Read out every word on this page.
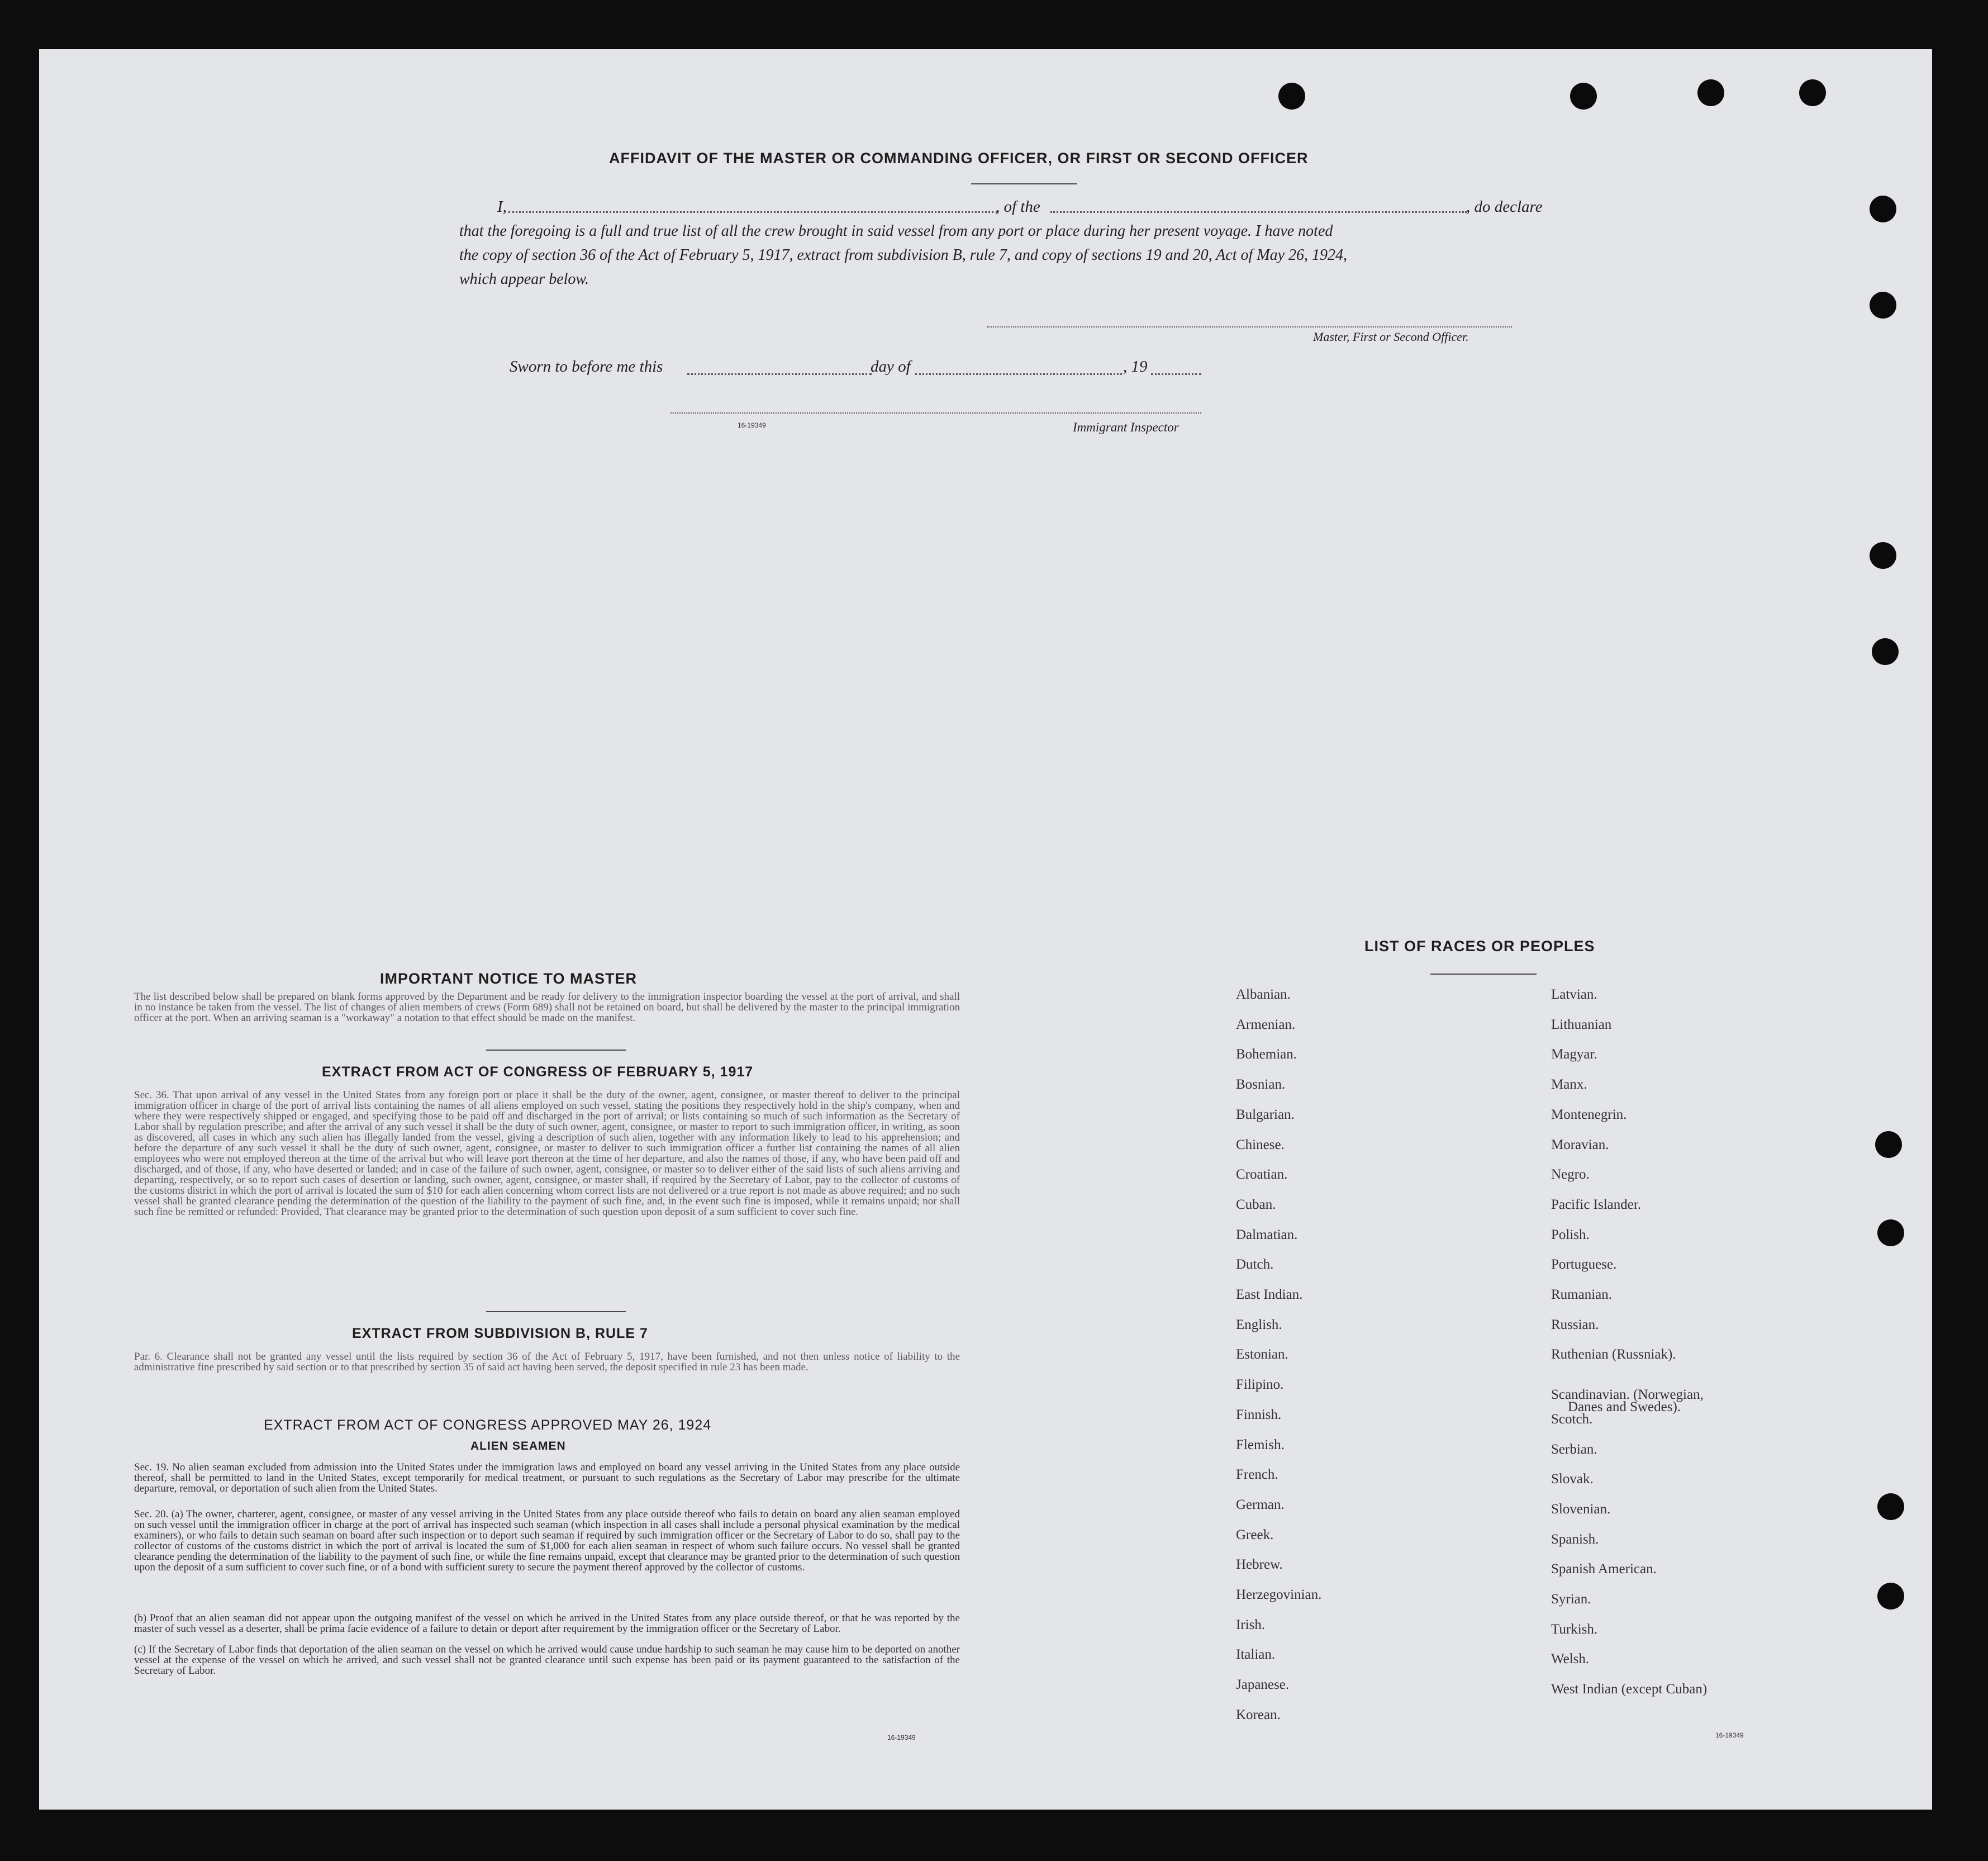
AFFIDAVIT OF THE MASTER OR COMMANDING OFFICER, OR FIRST OR SECOND OFFICER
I,	, of the	, do declare
that the foregoing is a full and true list of all the crew brought in said vessel from any port or place during her present voyage. I have noted
the copy of section 36 of the Act of February 5, 1917, extract from subdivision B, rule 7, and copy of sections 19 and 20, Act of May 26, 1924,
which appear below.
Master, First or Second Officer.
Sworn to before me this	day of	, 19
16-19349	Immigrant Inspector
IMPORTANT NOTICE TO MASTER
The list described below shall be prepared on blank forms approved by the Department and be ready for delivery to the immigration inspector boarding the vessel at the port of arrival, and shall in no instance be taken from the vessel. The list of changes of alien members of crews (Form 689) shall not be retained on board, but shall be delivered by the master to the principal immigration officer at the port. When an arriving seaman is a "workaway" a notation to that effect should be made on the manifest.
EXTRACT FROM ACT OF CONGRESS OF FEBRUARY 5, 1917
Sec. 36. That upon arrival of any vessel in the United States from any foreign port or place it shall be the duty of the owner, agent, consignee, or master thereof to deliver to the principal immigration officer in charge of the port of arrival lists containing the names of all aliens employed on such vessel, stating the positions they respectively hold in the ship's company, when and where they were respectively shipped or engaged, and specifying those to be paid off and discharged in the port of arrival; or lists containing so much of such information as the Secretary of Labor shall by regulation prescribe; and after the arrival of any such vessel it shall be the duty of such owner, agent, consignee, or master to report to such immigration officer, in writing, as soon as discovered, all cases in which any such alien has illegally landed from the vessel, giving a description of such alien, together with any information likely to lead to his apprehension; and before the departure of any such vessel it shall be the duty of such owner, agent, consignee, or master to deliver to such immigration officer a further list containing the names of all alien employees who were not employed thereon at the time of the arrival but who will leave port thereon at the time of her departure, and also the names of those, if any, who have been paid off and discharged, and of those, if any, who have deserted or landed; and in case of the failure of such owner, agent, consignee, or master so to deliver either of the said lists of such aliens arriving and departing, respectively, or so to report such cases of desertion or landing, such owner, agent, consignee, or master shall, if required by the Secretary of Labor, pay to the collector of customs of the customs district in which the port of arrival is located the sum of $10 for each alien concerning whom correct lists are not delivered or a true report is not made as above required; and no such vessel shall be granted clearance pending the determination of the question of the liability to the payment of such fine, and, in the event such fine is imposed, while it remains unpaid; nor shall such fine be remitted or refunded: Provided, That clearance may be granted prior to the determination of such question upon deposit of a sum sufficient to cover such fine.
EXTRACT FROM SUBDIVISION B, RULE 7
Par. 6. Clearance shall not be granted any vessel until the lists required by section 36 of the Act of February 5, 1917, have been furnished, and not then unless notice of liability to the administrative fine prescribed by said section or to that prescribed by section 35 of said act having been served, the deposit specified in rule 23 has been made.
EXTRACT FROM ACT OF CONGRESS APPROVED MAY 26, 1924
ALIEN SEAMEN
Sec. 19. No alien seaman excluded from admission into the United States under the immigration laws and employed on board any vessel arriving in the United States from any place outside thereof, shall be permitted to land in the United States, except temporarily for medical treatment, or pursuant to such regulations as the Secretary of Labor may prescribe for the ultimate departure, removal, or deportation of such alien from the United States.
Sec. 20. (a) The owner, charterer, agent, consignee, or master of any vessel arriving in the United States from any place outside thereof who fails to detain on board any alien seaman employed on such vessel until the immigration officer in charge at the port of arrival has inspected such seaman (which inspection in all cases shall include a personal physical examination by the medical examiners), or who fails to detain such seaman on board after such inspection or to deport such seaman if required by such immigration officer or the Secretary of Labor to do so, shall pay to the collector of customs of the customs district in which the port of arrival is located the sum of $1,000 for each alien seaman in respect of whom such failure occurs. No vessel shall be granted clearance pending the determination of the liability to the payment of such fine, or while the fine remains unpaid, except that clearance may be granted prior to the determination of such question upon the deposit of a sum sufficient to cover such fine, or of a bond with sufficient surety to secure the payment thereof approved by the collector of customs.
(b) Proof that an alien seaman did not appear upon the outgoing manifest of the vessel on which he arrived in the United States from any place outside thereof, or that he was reported by the master of such vessel as a deserter, shall be prima facie evidence of a failure to detain or deport after requirement by the immigration officer or the Secretary of Labor.
(c) If the Secretary of Labor finds that deportation of the alien seaman on the vessel on which he arrived would cause undue hardship to such seaman he may cause him to be deported on another vessel at the expense of the vessel on which he arrived, and such vessel shall not be granted clearance until such expense has been paid or its payment guaranteed to the satisfaction of the Secretary of Labor.
16-19349
LIST OF RACES OR PEOPLES
Albanian.
Armenian.
Bohemian.
Bosnian.
Bulgarian.
Chinese.
Croatian.
Cuban.
Dalmatian.
Dutch.
East Indian.
English.
Estonian.
Filipino.
Finnish.
Flemish.
French.
German.
Greek.
Hebrew.
Herzegovinian.
Irish.
Italian.
Japanese.
Korean.
Latvian.
Lithuanian
Magyar.
Manx.
Montenegrin.
Moravian.
Negro.
Pacific Islander.
Polish.
Portuguese.
Rumanian.
Russian.
Ruthenian (Russniak).
Scandinavian. (Norwegian,
Danes and Swedes).
Scotch.
Serbian.
Slovak.
Slovenian.
Spanish.
Spanish American.
Syrian.
Turkish.
Welsh.
West Indian (except Cuban)
16-19349
